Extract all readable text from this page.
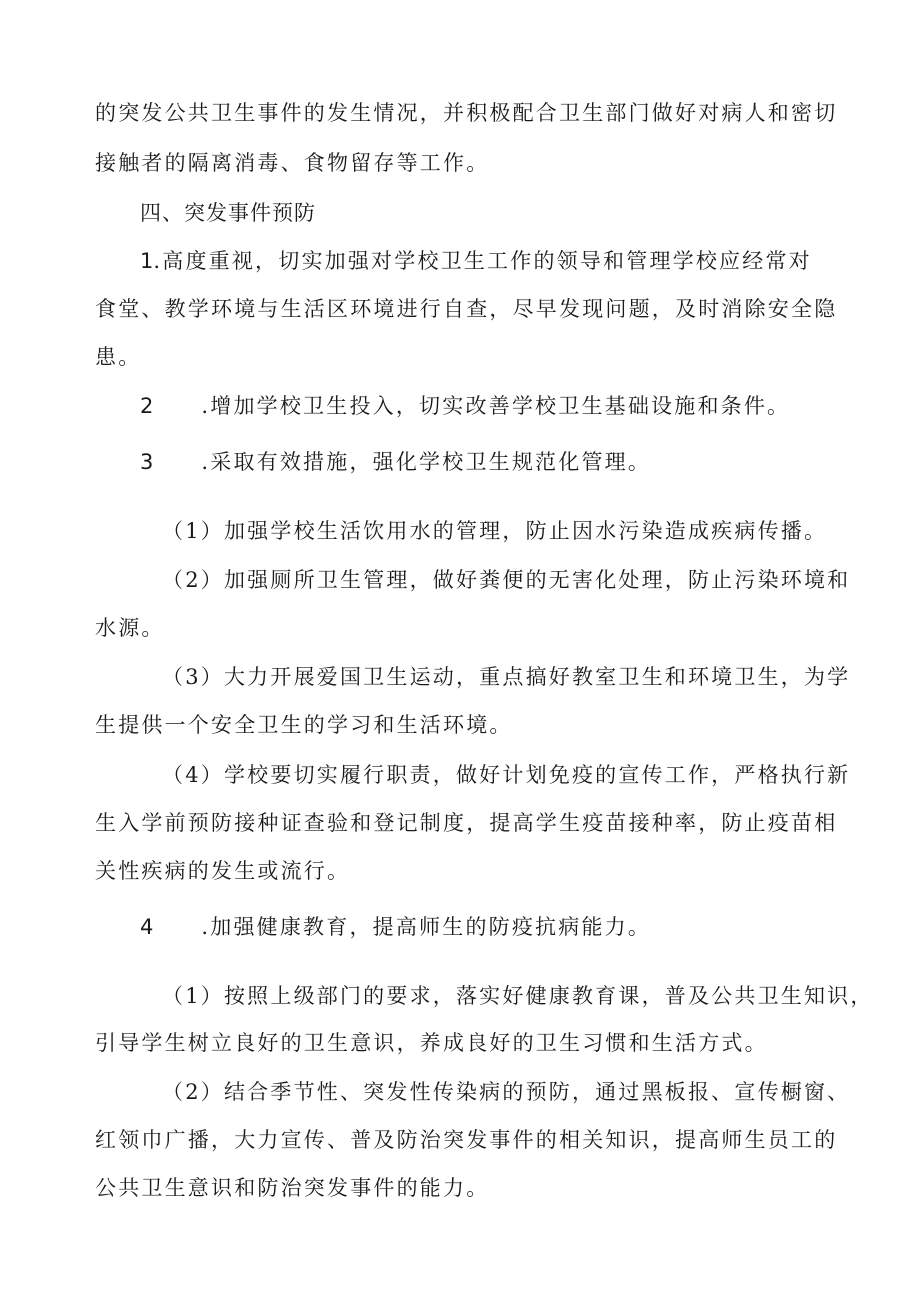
的突发公共卫生事件的发生情况，并积极配合卫生部门做好对病人和密切
接触者的隔离消毒、食物留存等工作。
四、突发事件预防
1.高度重视，切实加强对学校卫生工作的领导和管理学校应经常对
食堂、教学环境与生活区环境进行自查，尽早发现问题，及时消除安全隐
患。
2 .增加学校卫生投入，切实改善学校卫生基础设施和条件。
3 .采取有效措施，强化学校卫生规范化管理。
（1）加强学校生活饮用水的管理，防止因水污染造成疾病传播。
（2）加强厕所卫生管理，做好粪便的无害化处理，防止污染环境和
水源。
（3）大力开展爱国卫生运动，重点搞好教室卫生和环境卫生，为学
生提供一个安全卫生的学习和生活环境。
（4）学校要切实履行职责，做好计划免疫的宣传工作，严格执行新
生入学前预防接种证查验和登记制度，提高学生疫苗接种率，防止疫苗相
关性疾病的发生或流行。
4 .加强健康教育，提高师生的防疫抗病能力。
（1）按照上级部门的要求，落实好健康教育课，普及公共卫生知识，
引导学生树立良好的卫生意识，养成良好的卫生习惯和生活方式。
（2）结合季节性、突发性传染病的预防，通过黑板报、宣传橱窗、
红领巾广播，大力宣传、普及防治突发事件的相关知识，提高师生员工的
公共卫生意识和防治突发事件的能力。
